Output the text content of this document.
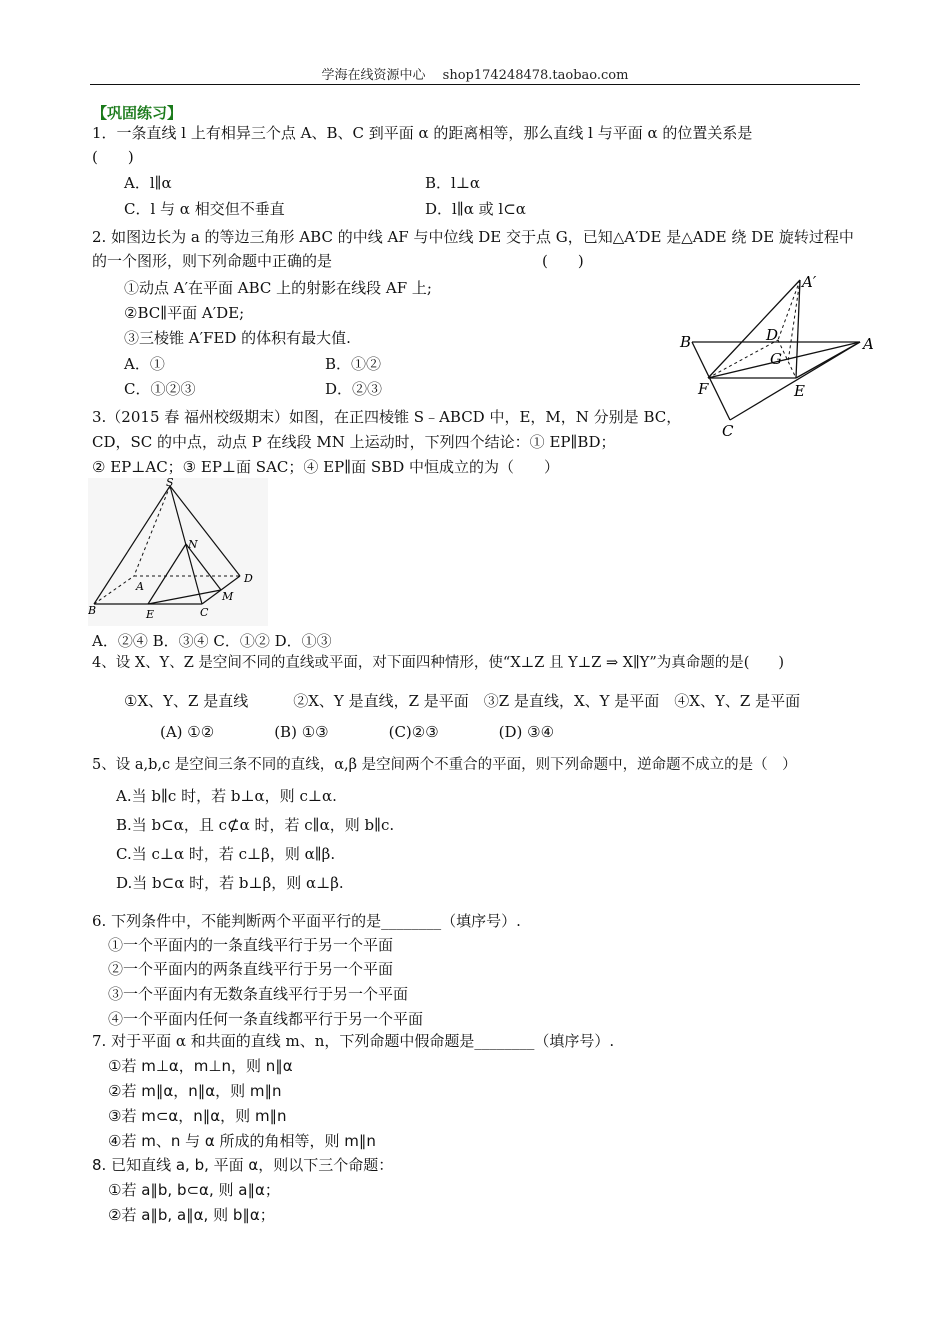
学海在线资源中心　 shop174248478.taobao.com
【巩固练习】
1．一条直线 l 上有相异三个点 A、B、C 到平面 α 的距离相等，那么直线 l 与平面 α 的位置关系是
(　　)
A．l∥α	B．l⊥α
C．l 与 α 相交但不垂直	D．l∥α 或 l⊂α
2. 如图边长为 a 的等边三角形 ABC 的中线 AF 与中位线 DE 交于点 G，已知△A′DE 是△ADE 绕 DE 旋转过程中
的一个图形，则下列命题中正确的是　　　　　　　　　　　　　　(　　)
①动点 A′在平面 ABC 上的射影在线段 AF 上;
②BC∥平面 A′DE;
③三棱锥 A′FED 的体积有最大值.
A．①	B．①②
C．①②③	D．②③
A′
B	A
D
G
F	E
C
3.（2015 春 福州校级期末）如图，在正四棱锥 S﹣ABCD 中，E，M，N 分别是 BC，
CD，SC 的中点，动点 P 在线段 MN 上运动时，下列四个结论：① EP∥BD；
② EP⊥AC；③ EP⊥面 SAC；④ EP∥面 SBD 中恒成立的为（　　）
S
N
A
D
M
B	E	C
A．②④ B．③④ C．①② D．①③
4、设 X、Y、Z 是空间不同的直线或平面，对下面四种情形，使“X⊥Z 且 Y⊥Z ⇒ X∥Y”为真命题的是(　　)
①X、Y、Z 是直线　　　②X、Y 是直线，Z 是平面　③Z 是直线，X、Y 是平面　④X、Y、Z 是平面
(A) ①②　　　　(B) ①③　　　　(C)②③　　　　(D) ③④
5、设 a,b,c 是空间三条不同的直线，α,β 是空间两个不重合的平面，则下列命题中，逆命题不成立的是（　）
A.当 b∥c 时，若 b⊥α，则 c⊥α.
B.当 b⊂α，且 c⊄α 时，若 c∥α，则 b∥c.
C.当 c⊥α 时，若 c⊥β，则 α∥β.
D.当 b⊂α 时，若 b⊥β，则 α⊥β.
6. 下列条件中，不能判断两个平面平行的是________（填序号）.
①一个平面内的一条直线平行于另一个平面
②一个平面内的两条直线平行于另一个平面
③一个平面内有无数条直线平行于另一个平面
④一个平面内任何一条直线都平行于另一个平面
7. 对于平面 α 和共面的直线 m、n，下列命题中假命题是________（填序号）.
①若 m⊥α，m⊥n，则 n∥α
②若 m∥α，n∥α，则 m∥n
③若 m⊂α，n∥α，则 m∥n
④若 m、n 与 α 所成的角相等，则 m∥n
8. 已知直线 a, b, 平面 α，则以下三个命题：
①若 a∥b, b⊂α, 则 a∥α；
②若 a∥b, a∥α, 则 b∥α；
